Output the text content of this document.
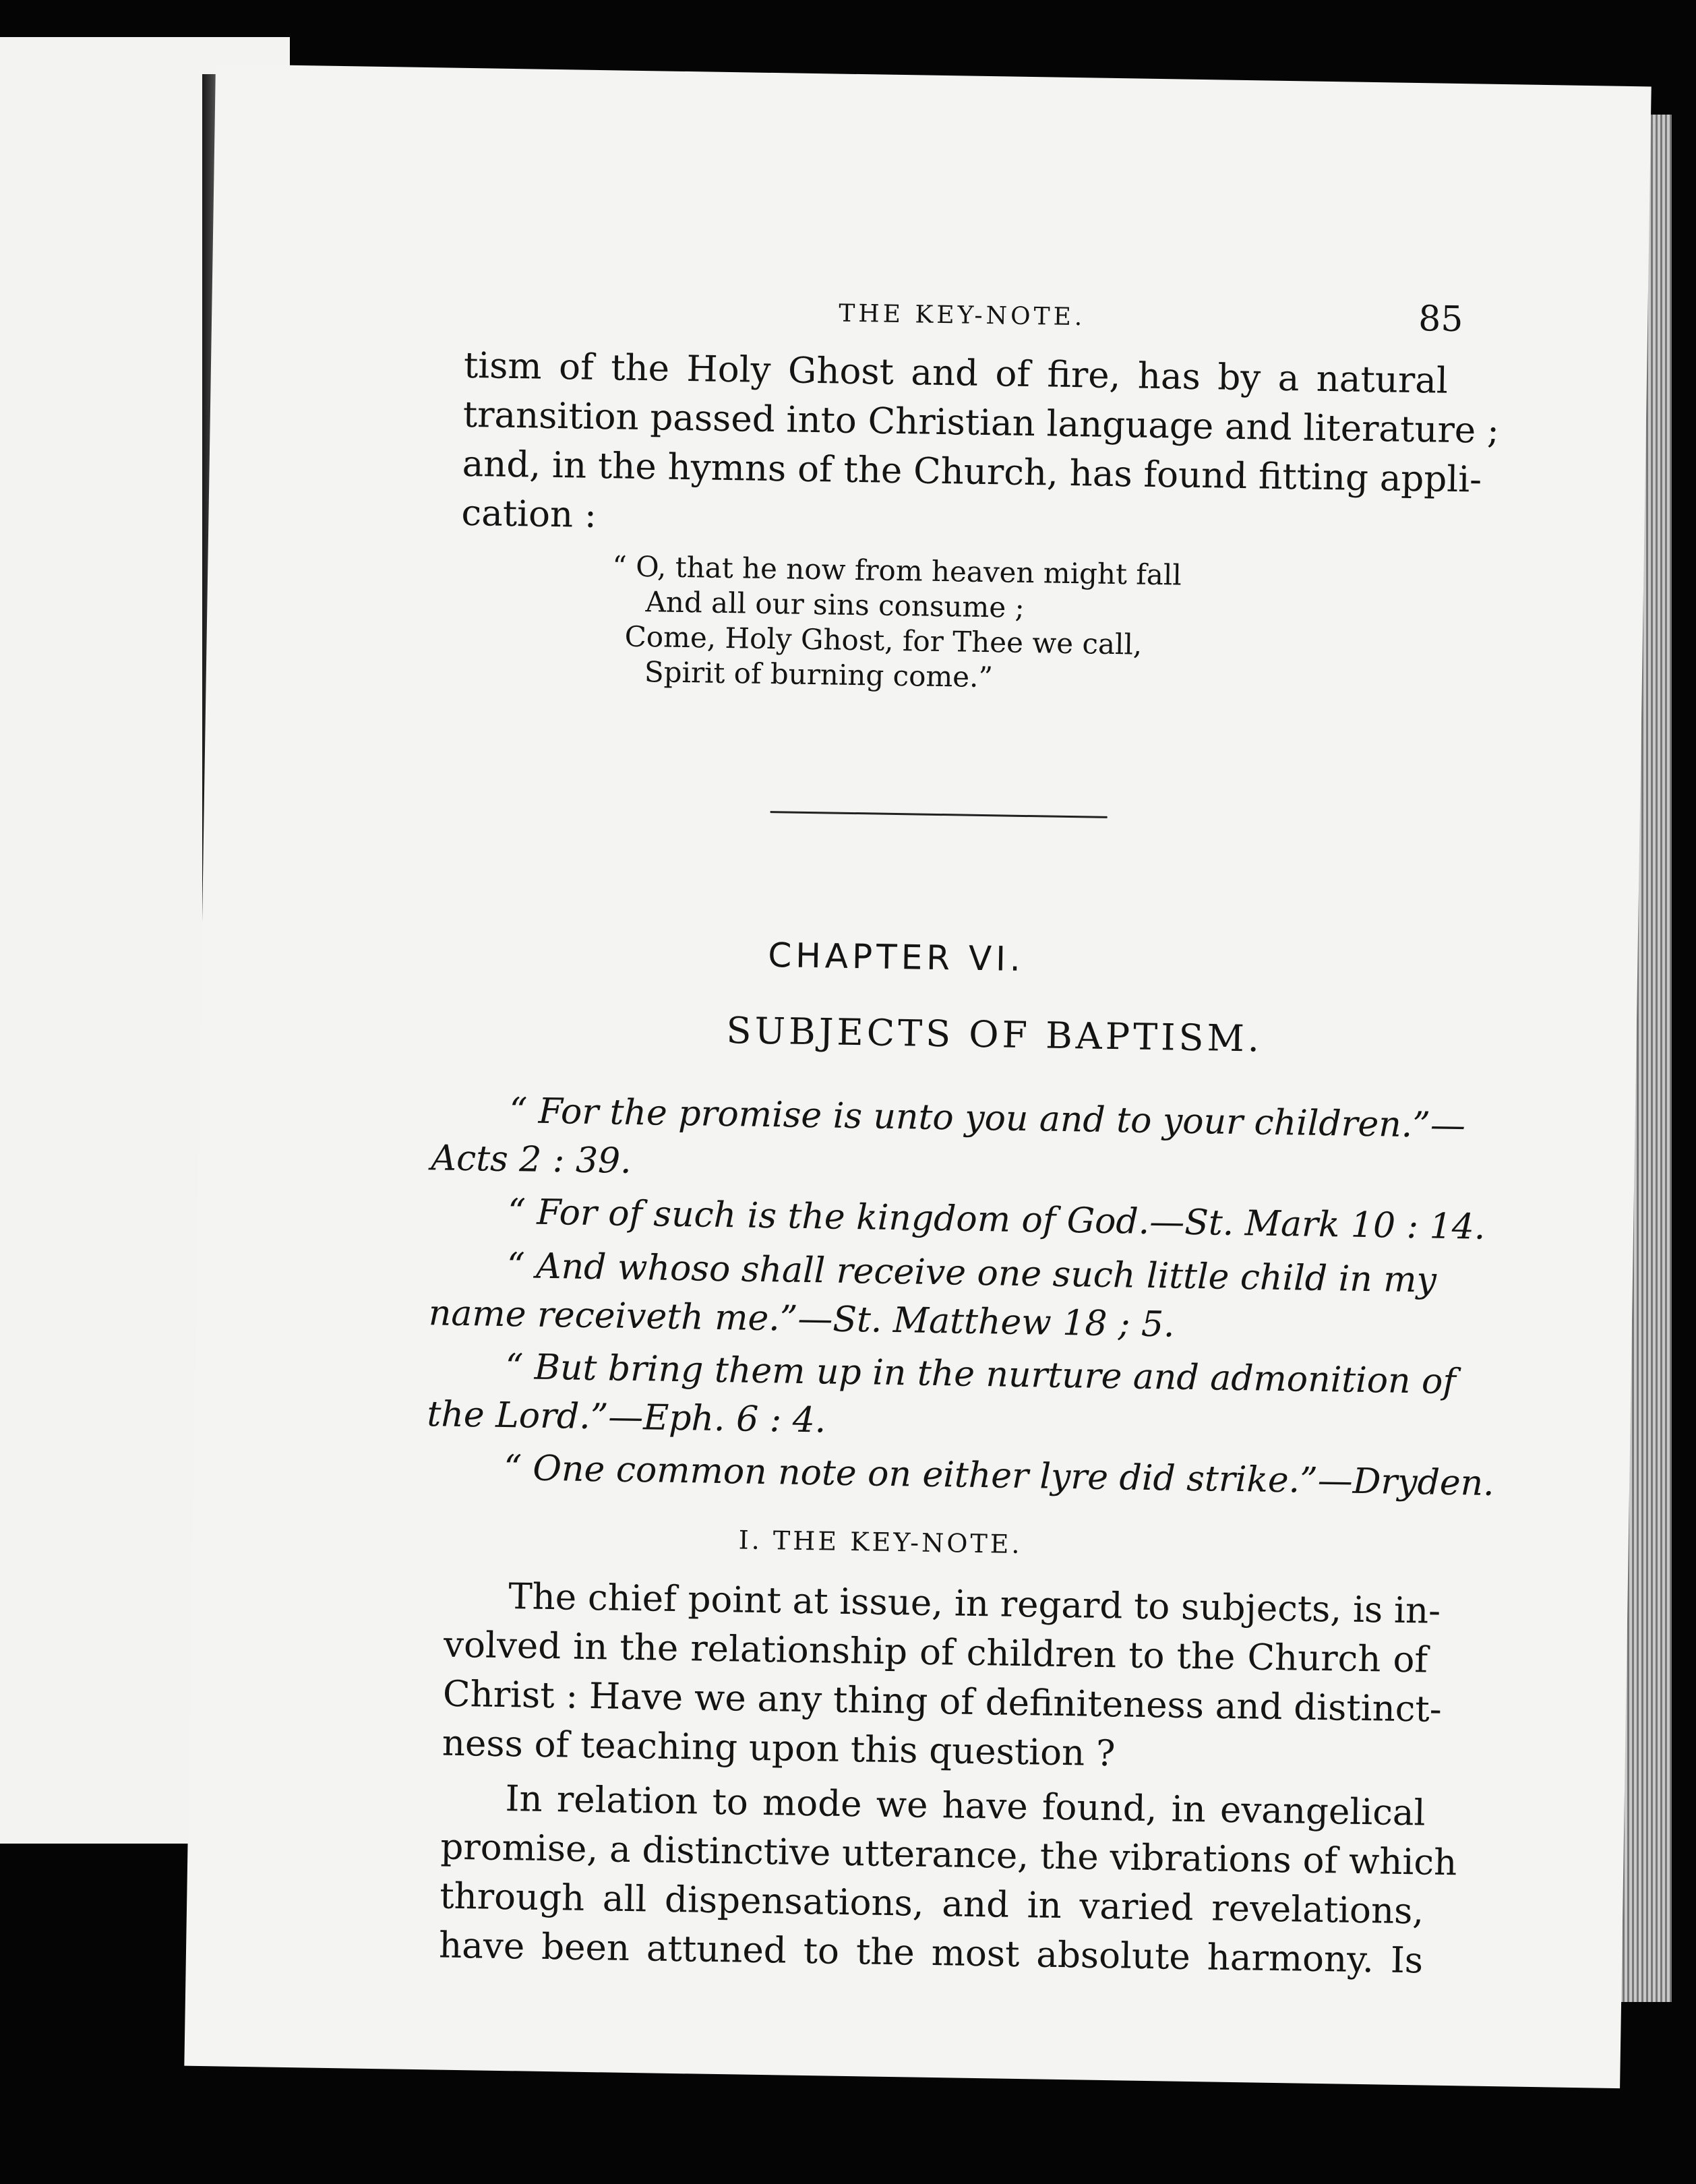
THE KEY-NOTE.	85
tism of the Holy Ghost and of fire, has by a natural
transition passed into Christian language and literature ;
and, in the hymns of the Church, has found fitting appli-
cation :
“ O, that he now from heaven might fall
And all our sins consume ;
Come, Holy Ghost, for Thee we call,
Spirit of burning come.”
CHAPTER VI.
SUBJECTS OF BAPTISM.
“ For the promise is unto you and to your children.”—
Acts 2 : 39.
“ For of such is the kingdom of God.—St. Mark 10 : 14.
“ And whoso shall receive one such little child in my
name receiveth me.”—St. Matthew 18 ; 5.
“ But bring them up in the nurture and admonition of
the Lord.”—Eph. 6 : 4.
“ One common note on either lyre did strike.”—Dryden.
I. THE KEY-NOTE.
The chief point at issue, in regard to subjects, is in-
volved in the relationship of children to the Church of
Christ : Have we any thing of definiteness and distinct-
ness of teaching upon this question ?
In relation to mode we have found, in evangelical
promise, a distinctive utterance, the vibrations of which
through all dispensations, and in varied revelations,
have been attuned to the most absolute harmony. Is
